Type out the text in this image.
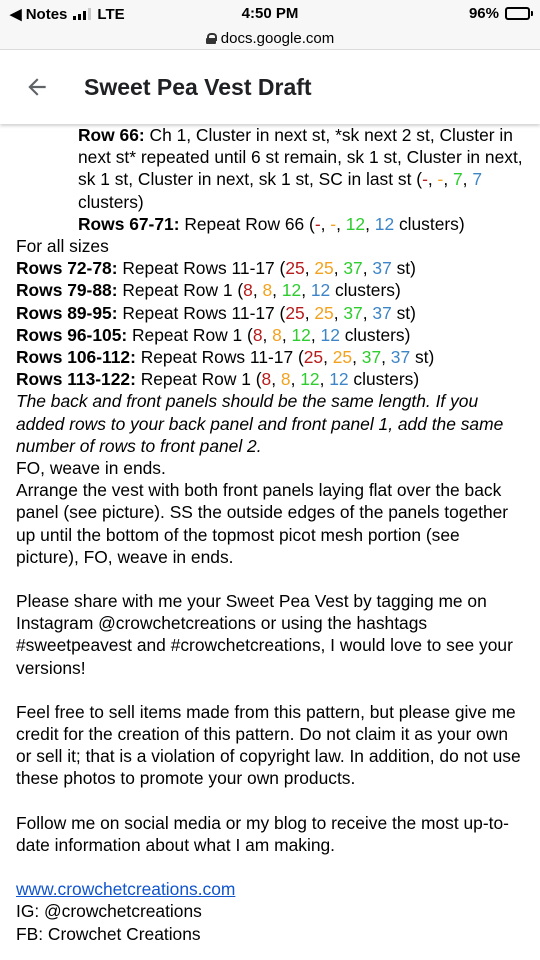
◀ Notes LTE	4:50 PM	96%
docs.google.com
Sweet Pea Vest Draft

Row 66: Ch 1, Cluster in next st, *sk next 2 st, Cluster in next st* repeated until 6 st remain, sk 1 st, Cluster in next, sk 1 st, Cluster in next, sk 1 st, SC in last st (-, -, 7, 7 clusters)

Rows 67-71: Repeat Row 66 (-, -, 12, 12 clusters)

For all sizes

Rows 72-78: Repeat Rows 11-17 (25, 25, 37, 37 st)

Rows 79-88: Repeat Row 1 (8, 8, 12, 12 clusters)

Rows 89-95: Repeat Rows 11-17 (25, 25, 37, 37 st)

Rows 96-105: Repeat Row 1 (8, 8, 12, 12 clusters)

Rows 106-112: Repeat Rows 11-17 (25, 25, 37, 37 st)

Rows 113-122: Repeat Row 1 (8, 8, 12, 12 clusters)

The back and front panels should be the same length. If you added rows to your back panel and front panel 1, add the same number of rows to front panel 2.

FO, weave in ends.

Arrange the vest with both front panels laying flat over the back panel (see picture). SS the outside edges of the panels together up until the bottom of the topmost picot mesh portion (see picture), FO, weave in ends.

Please share with me your Sweet Pea Vest by tagging me on Instagram @crowchetcreations or using the hashtags #sweetpeavest and #crowchetcreations, I would love to see your versions!

Feel free to sell items made from this pattern, but please give me credit for the creation of this pattern. Do not claim it as your own or sell it; that is a violation of copyright law. In addition, do not use these photos to promote your own products.

Follow me on social media or my blog to receive the most up-to-date information about what I am making.

www.crowchetcreations.com

IG: @crowchetcreations

FB: Crowchet Creations
